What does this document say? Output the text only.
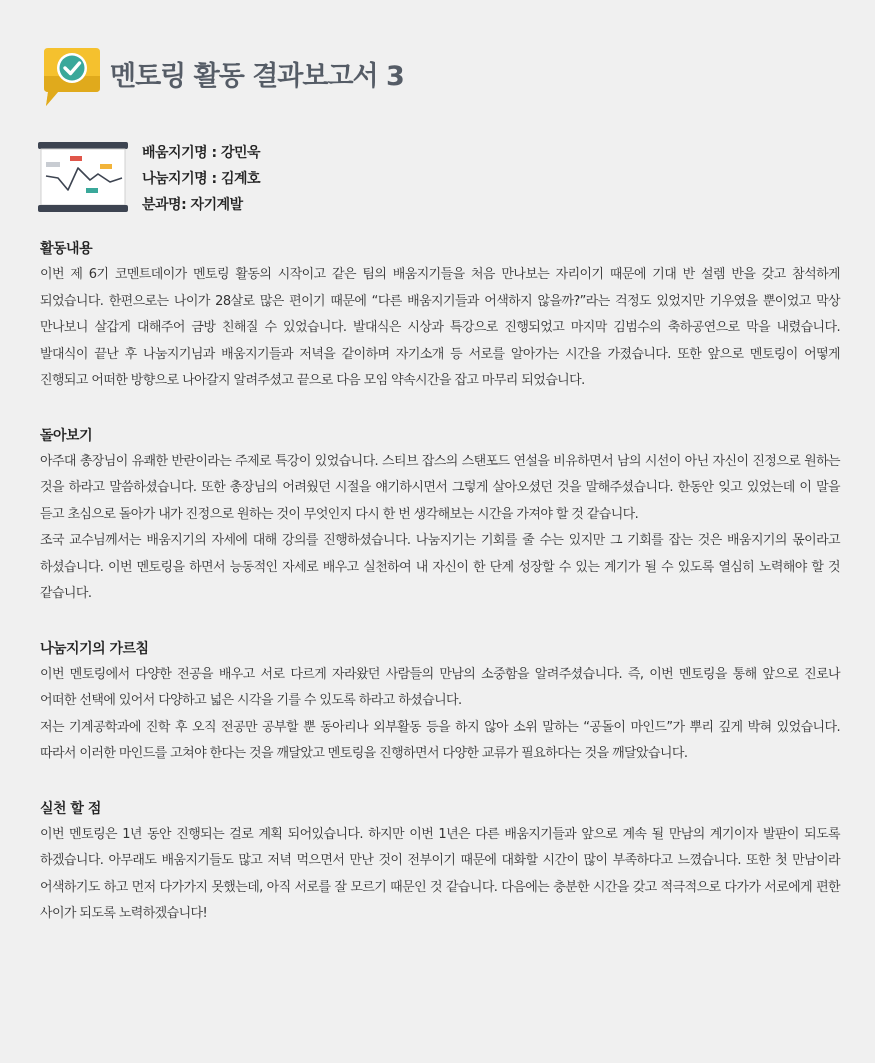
멘토링 활동 결과보고서 3
배움지기명 : 강민욱
나눔지기명 : 김계호
분과명: 자기계발
활동내용

이번 제 6기 코멘트데이가 멘토링 활동의 시작이고 같은 팀의 배움지기들을 처음 만나보는 자리이기 때문에 기대 반 설렘 반을 갖고 참석하게 되었습니다. 한편으로는 나이가 28살로 많은 편이기 때문에 “다른 배움지기들과 어색하지 않을까?”라는 걱정도 있었지만 기우였을 뿐이었고 막상 만나보니 살갑게 대해주어 금방 친해질 수 있었습니다. 발대식은 시상과 특강으로 진행되었고 마지막 김범수의 축하공연으로 막을 내렸습니다. 발대식이 끝난 후 나눔지기님과 배움지기들과 저녁을 같이하며 자기소개 등 서로를 알아가는 시간을 가졌습니다. 또한 앞으로 멘토링이 어떻게 진행되고 어떠한 방향으로 나아갈지 알려주셨고 끝으로 다음 모임 약속시간을 잡고 마무리 되었습니다.

돌아보기

아주대 총장님이 유쾌한 반란이라는 주제로 특강이 있었습니다. 스티브 잡스의 스탠포드 연설을 비유하면서 남의 시선이 아닌 자신이 진정으로 원하는 것을 하라고 말씀하셨습니다. 또한 총장님의 어려웠던 시절을 얘기하시면서 그렇게 살아오셨던 것을 말해주셨습니다. 한동안 잊고 있었는데 이 말을 듣고 초심으로 돌아가 내가 진정으로 원하는 것이 무엇인지 다시 한 번 생각해보는 시간을 가져야 할 것 같습니다.

조국 교수님께서는 배움지기의 자세에 대해 강의를 진행하셨습니다. 나눔지기는 기회를 줄 수는 있지만 그 기회를 잡는 것은 배움지기의 몫이라고 하셨습니다. 이번 멘토링을 하면서 능동적인 자세로 배우고 실천하여 내 자신이 한 단계 성장할 수 있는 계기가 될 수 있도록 열심히 노력해야 할 것 같습니다.

나눔지기의 가르침

이번 멘토링에서 다양한 전공을 배우고 서로 다르게 자라왔던 사람들의 만남의 소중함을 알려주셨습니다. 즉, 이번 멘토링을 통해 앞으로 진로나 어떠한 선택에 있어서 다양하고 넓은 시각을 기를 수 있도록 하라고 하셨습니다.

저는 기계공학과에 진학 후 오직 전공만 공부할 뿐 동아리나 외부활동 등을 하지 않아 소위 말하는 “공돌이 마인드”가 뿌리 깊게 박혀 있었습니다. 따라서 이러한 마인드를 고쳐야 한다는 것을 깨달았고 멘토링을 진행하면서 다양한 교류가 필요하다는 것을 깨달았습니다.

실천 할 점

이번 멘토링은 1년 동안 진행되는 걸로 계획 되어있습니다. 하지만 이번 1년은 다른 배움지기들과 앞으로 계속 될 만남의 계기이자 발판이 되도록 하겠습니다. 아무래도 배움지기들도 많고 저녁 먹으면서 만난 것이 전부이기 때문에 대화할 시간이 많이 부족하다고 느꼈습니다. 또한 첫 만남이라 어색하기도 하고 먼저 다가가지 못했는데, 아직 서로를 잘 모르기 때문인 것 같습니다. 다음에는 충분한 시간을 갖고 적극적으로 다가가 서로에게 편한 사이가 되도록 노력하겠습니다!
